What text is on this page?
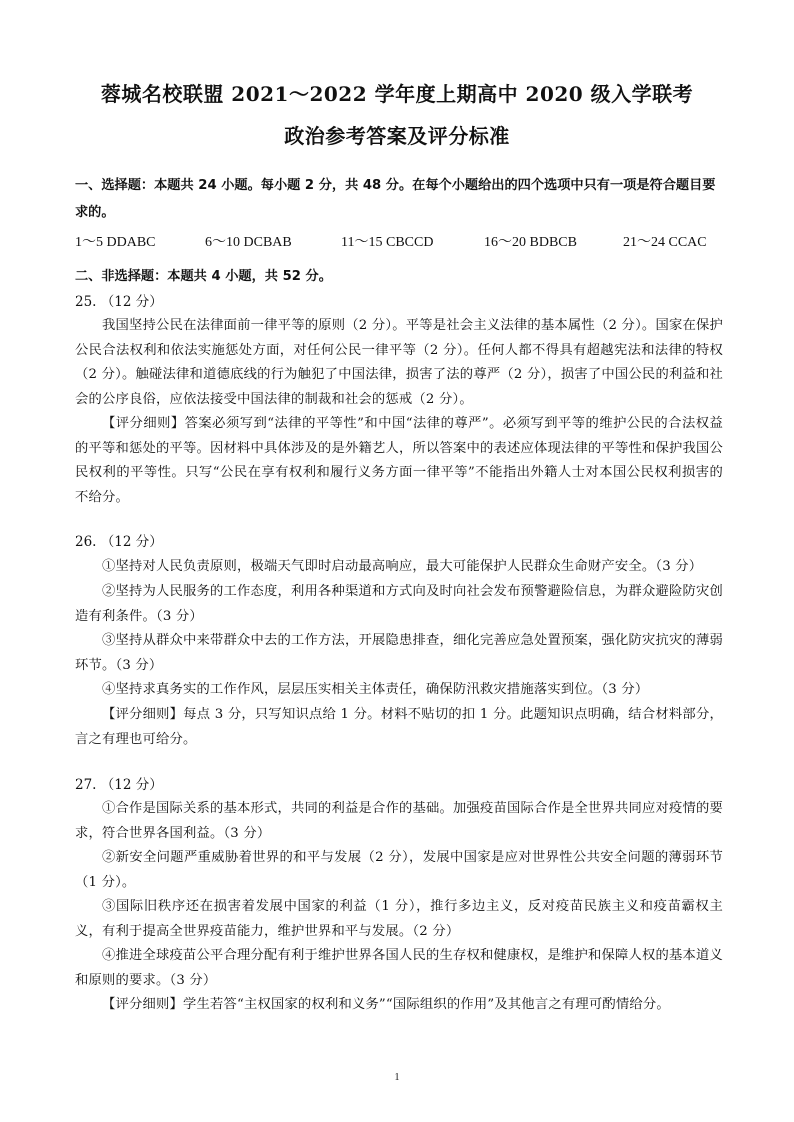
蓉城名校联盟 2021～2022 学年度上期高中 2020 级入学联考
政治参考答案及评分标准
一、选择题：本题共 24 小题。每小题 2 分，共 48 分。在每个小题给出的四个选项中只有一项是符合题目要求的。
1～5 DDABC	6～10 DCBAB	11～15 CBCCD	16～20 BDBCB	21～24 CCAC
二、非选择题：本题共 4 小题，共 52 分。
25. （12 分）
我国坚持公民在法律面前一律平等的原则（2 分）。平等是社会主义法律的基本属性（2 分）。国家在保护公民合法权利和依法实施惩处方面，对任何公民一律平等（2 分）。任何人都不得具有超越宪法和法律的特权（2 分）。触碰法律和道德底线的行为触犯了中国法律，损害了法的尊严（2 分），损害了中国公民的利益和社会的公序良俗，应依法接受中国法律的制裁和社会的惩戒（2 分）。
【评分细则】答案必须写到“法律的平等性”和中国“法律的尊严”。必须写到平等的维护公民的合法权益的平等和惩处的平等。因材料中具体涉及的是外籍艺人，所以答案中的表述应体现法律的平等性和保护我国公民权利的平等性。只写“公民在享有权利和履行义务方面一律平等”不能指出外籍人士对本国公民权利损害的不给分。
26. （12 分）
①坚持对人民负责原则，极端天气即时启动最高响应，最大可能保护人民群众生命财产安全。（3 分）
②坚持为人民服务的工作态度，利用各种渠道和方式向及时向社会发布预警避险信息，为群众避险防灾创造有利条件。（3 分）
③坚持从群众中来带群众中去的工作方法，开展隐患排查，细化完善应急处置预案，强化防灾抗灾的薄弱环节。（3 分）
④坚持求真务实的工作作风，层层压实相关主体责任，确保防汛救灾措施落实到位。（3 分）
【评分细则】每点 3 分，只写知识点给 1 分。材料不贴切的扣 1 分。此题知识点明确，结合材料部分，言之有理也可给分。
27. （12 分）
①合作是国际关系的基本形式，共同的利益是合作的基础。加强疫苗国际合作是全世界共同应对疫情的要求，符合世界各国利益。（3 分）
②新安全问题严重威胁着世界的和平与发展（2 分），发展中国家是应对世界性公共安全问题的薄弱环节（1 分）。
③国际旧秩序还在损害着发展中国家的利益（1 分），推行多边主义，反对疫苗民族主义和疫苗霸权主义，有利于提高全世界疫苗能力，维护世界和平与发展。（2 分）
④推进全球疫苗公平合理分配有利于维护世界各国人民的生存权和健康权，是维护和保障人权的基本道义和原则的要求。（3 分）
【评分细则】学生若答“主权国家的权利和义务”“国际组织的作用”及其他言之有理可酌情给分。
1
